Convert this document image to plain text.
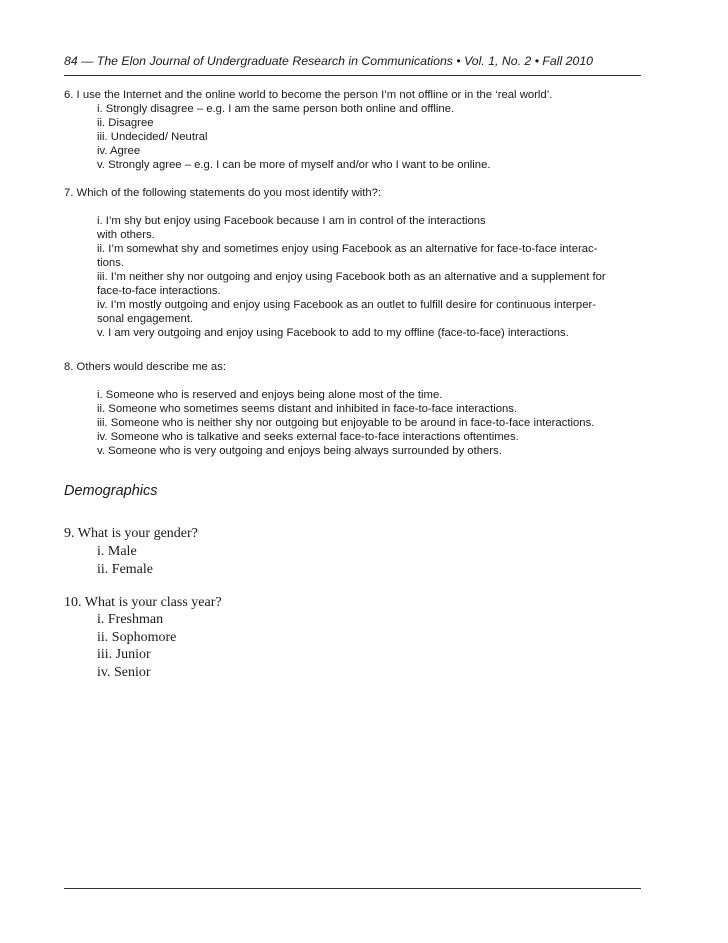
84 — The Elon Journal of Undergraduate Research in Communications • Vol. 1, No. 2 • Fall 2010
6. I use the Internet and the online world to become the person I’m not offline or in the ‘real world’.
i. Strongly disagree – e.g. I am the same person both online and offline.
ii. Disagree
iii. Undecided/ Neutral
iv. Agree
v. Strongly agree – e.g. I can be more of myself and/or who I want to be online.
7. Which of the following statements do you most identify with?:
i. I’m shy but enjoy using Facebook because I am in control of the interactions
with others.
ii. I’m somewhat shy and sometimes enjoy using Facebook as an alternative for face-to-face interac-
tions.
iii. I’m neither shy nor outgoing and enjoy using Facebook both as an alternative and a supplement for
face-to-face interactions.
iv. I’m mostly outgoing and enjoy using Facebook as an outlet to fulfill desire for continuous interper-
sonal engagement.
v. I am very outgoing and enjoy using Facebook to add to my offline (face-to-face) interactions.
8. Others would describe me as:
i. Someone who is reserved and enjoys being alone most of the time.
ii. Someone who sometimes seems distant and inhibited in face-to-face interactions.
iii. Someone who is neither shy nor outgoing but enjoyable to be around in face-to-face interactions.
iv. Someone who is talkative and seeks external face-to-face interactions oftentimes.
v. Someone who is very outgoing and enjoys being always surrounded by others.
Demographics
9. What is your gender?
i. Male
ii. Female
10. What is your class year?
i. Freshman
ii. Sophomore
iii. Junior
iv. Senior
